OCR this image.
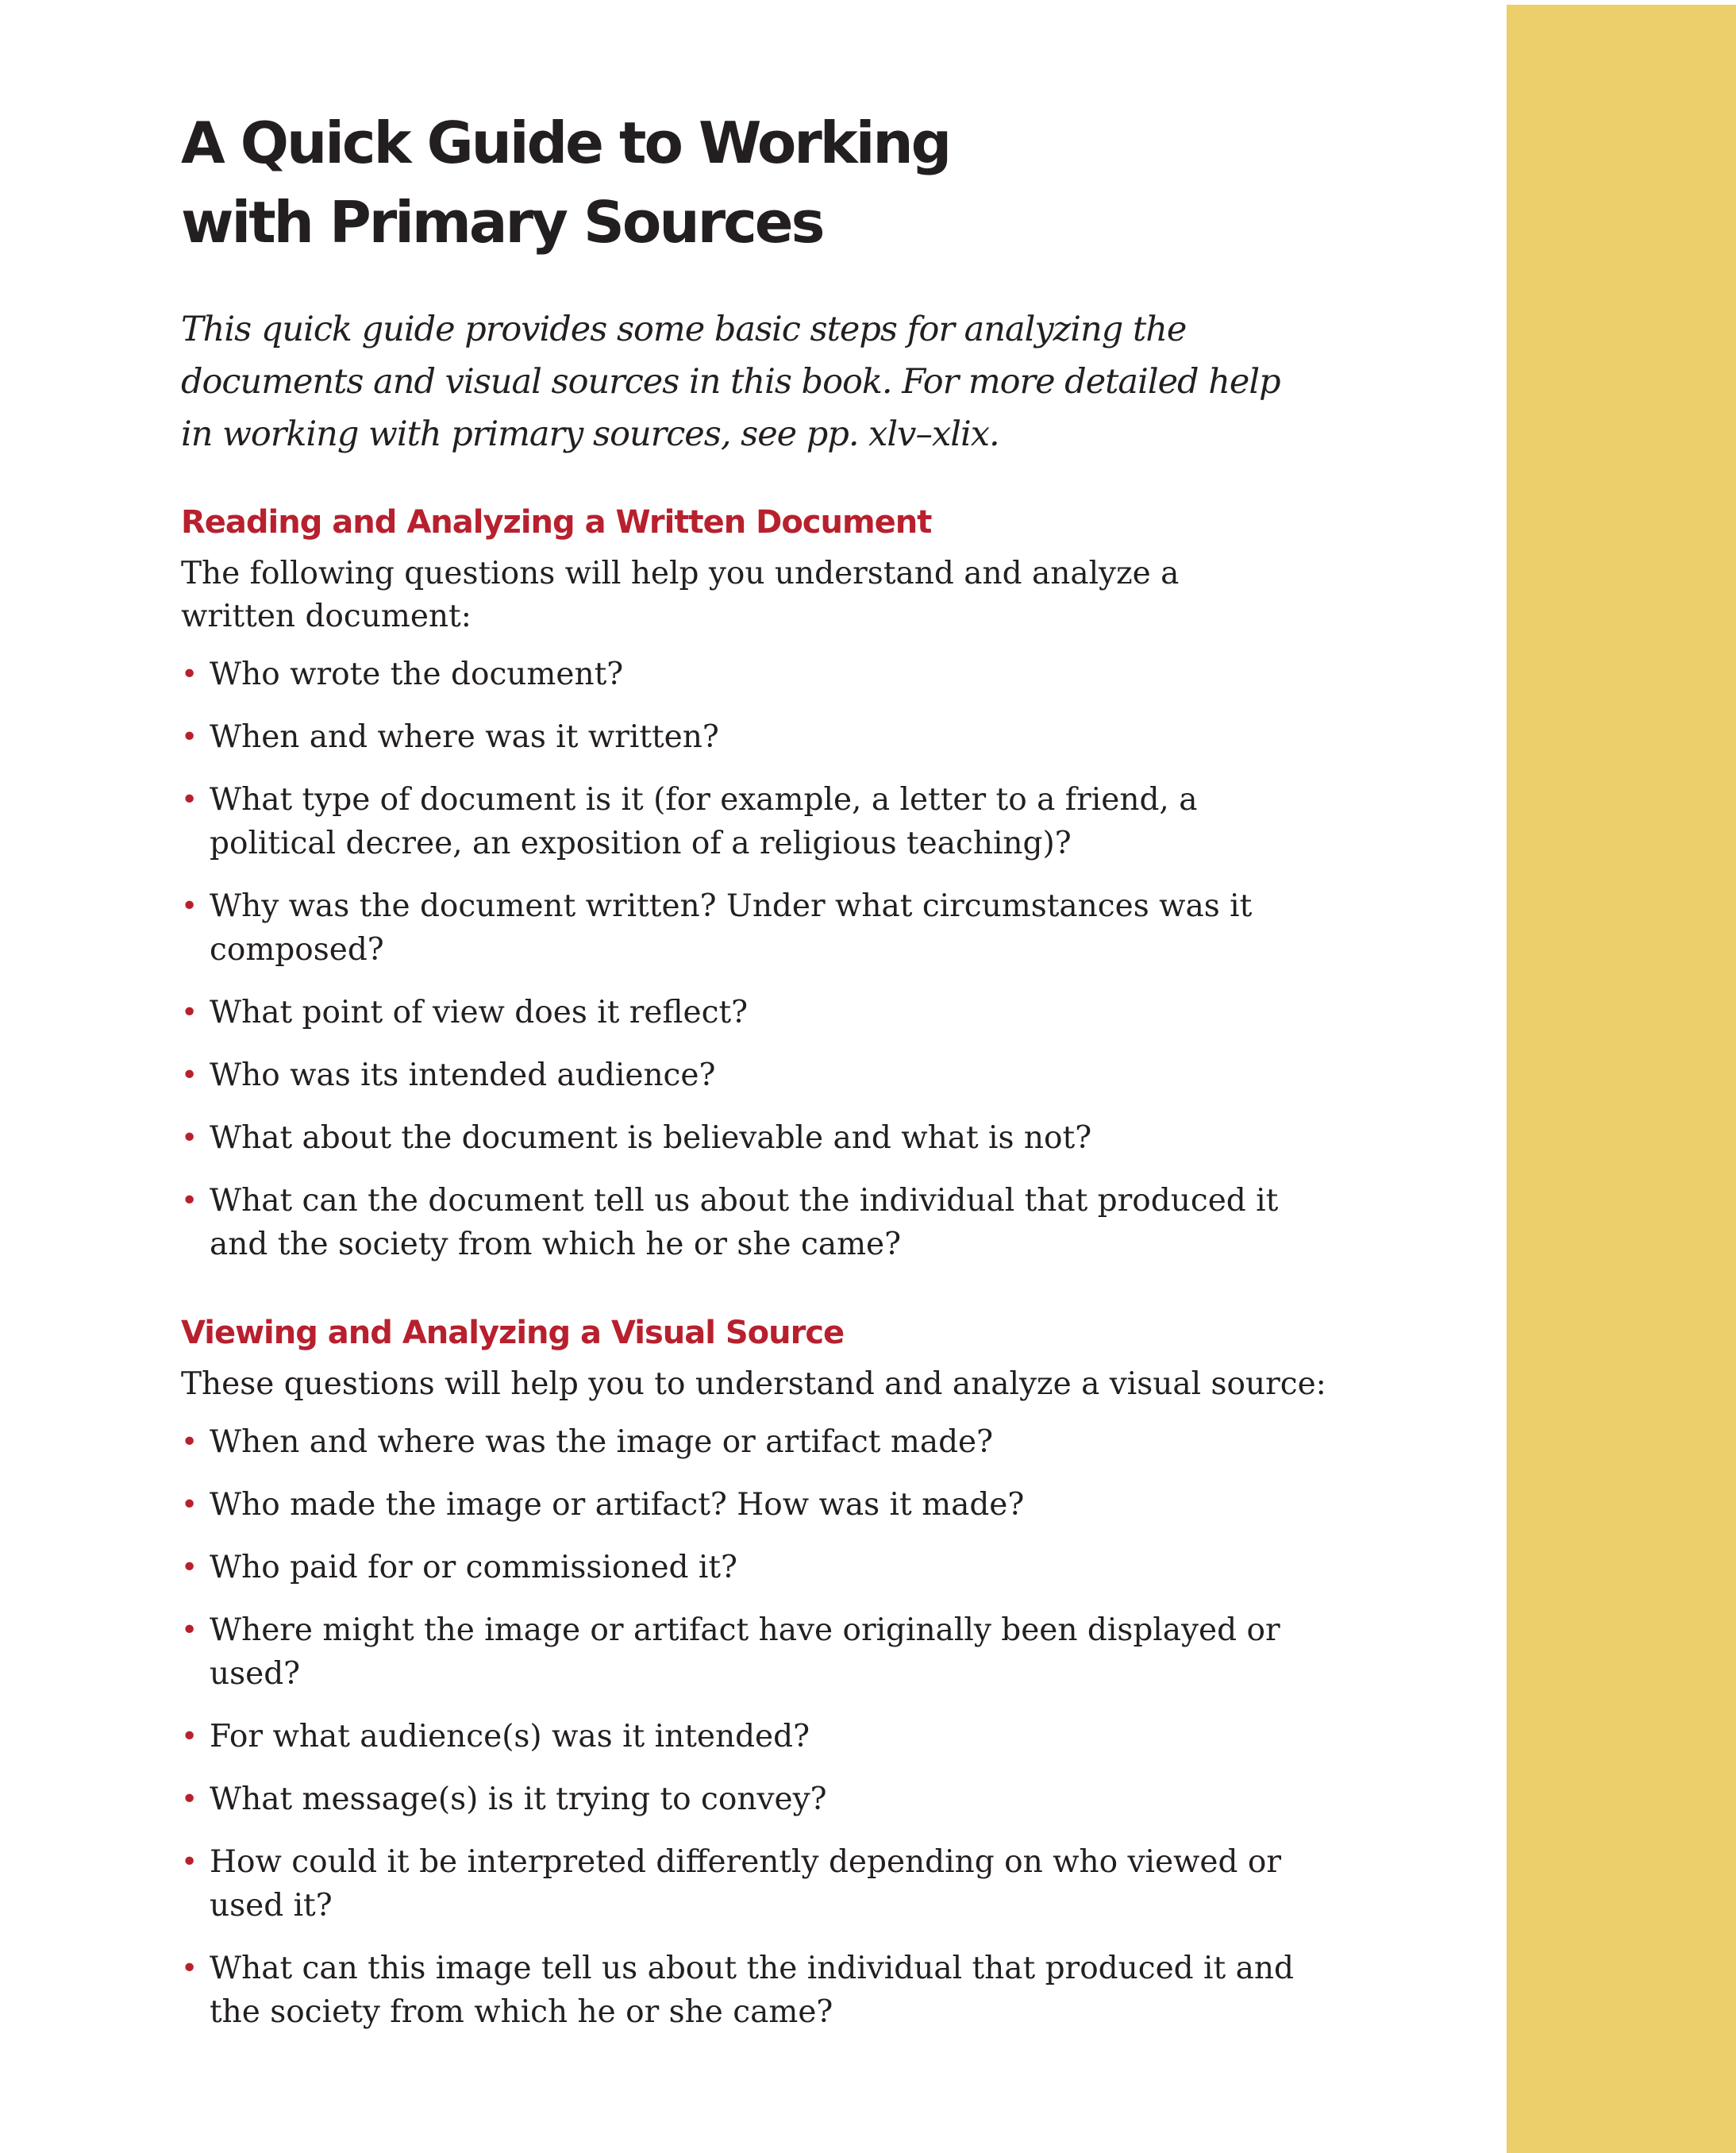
A Quick Guide to Working
with Primary Sources

This quick guide provides some basic steps for analyzing the documents and visual sources in this book. For more detailed help in working with primary sources, see pp. xlv–xlix.

Reading and Analyzing a Written Document

The following questions will help you understand and analyze a written document:

• Who wrote the document?
• When and where was it written?
• What type of document is it (for example, a letter to a friend, a political decree, an exposition of a religious teaching)?
• Why was the document written? Under what circumstances was it composed?
• What point of view does it reflect?
• Who was its intended audience?
• What about the document is believable and what is not?
• What can the document tell us about the individual that produced it and the society from which he or she came?
Viewing and Analyzing a Visual Source

These questions will help you to understand and analyze a visual source:

• When and where was the image or artifact made?
• Who made the image or artifact? How was it made?
• Who paid for or commissioned it?
• Where might the image or artifact have originally been displayed or used?
• For what audience(s) was it intended?
• What message(s) is it trying to convey?
• How could it be interpreted differently depending on who viewed or used it?
• What can this image tell us about the individual that produced it and the society from which he or she came?
